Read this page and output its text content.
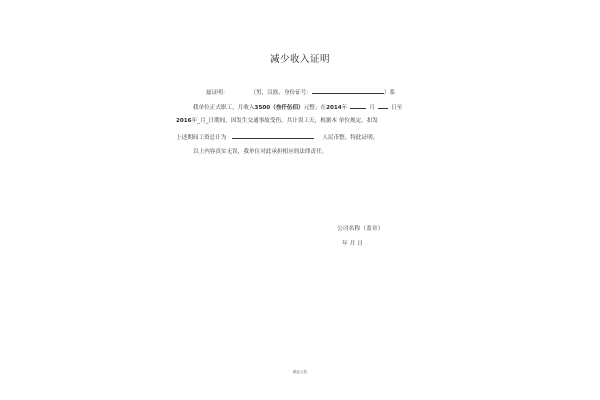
减少收入证明
兹证明：	（男，汉族，身份证号：	）系
我单位正式职工，月收入3500（叁仟伍佰）元整；在2014年	月	日至
2016年_月_日期间，因发生交通事故受伤，共计误工天，根据本 单位规定，扣发
上述期间工资总计为	人民币整。特此证明。
以上内容真实无误，我单位对此承担相应的法律责任。
公司名称（盖章）
年 月 日
精品文档
